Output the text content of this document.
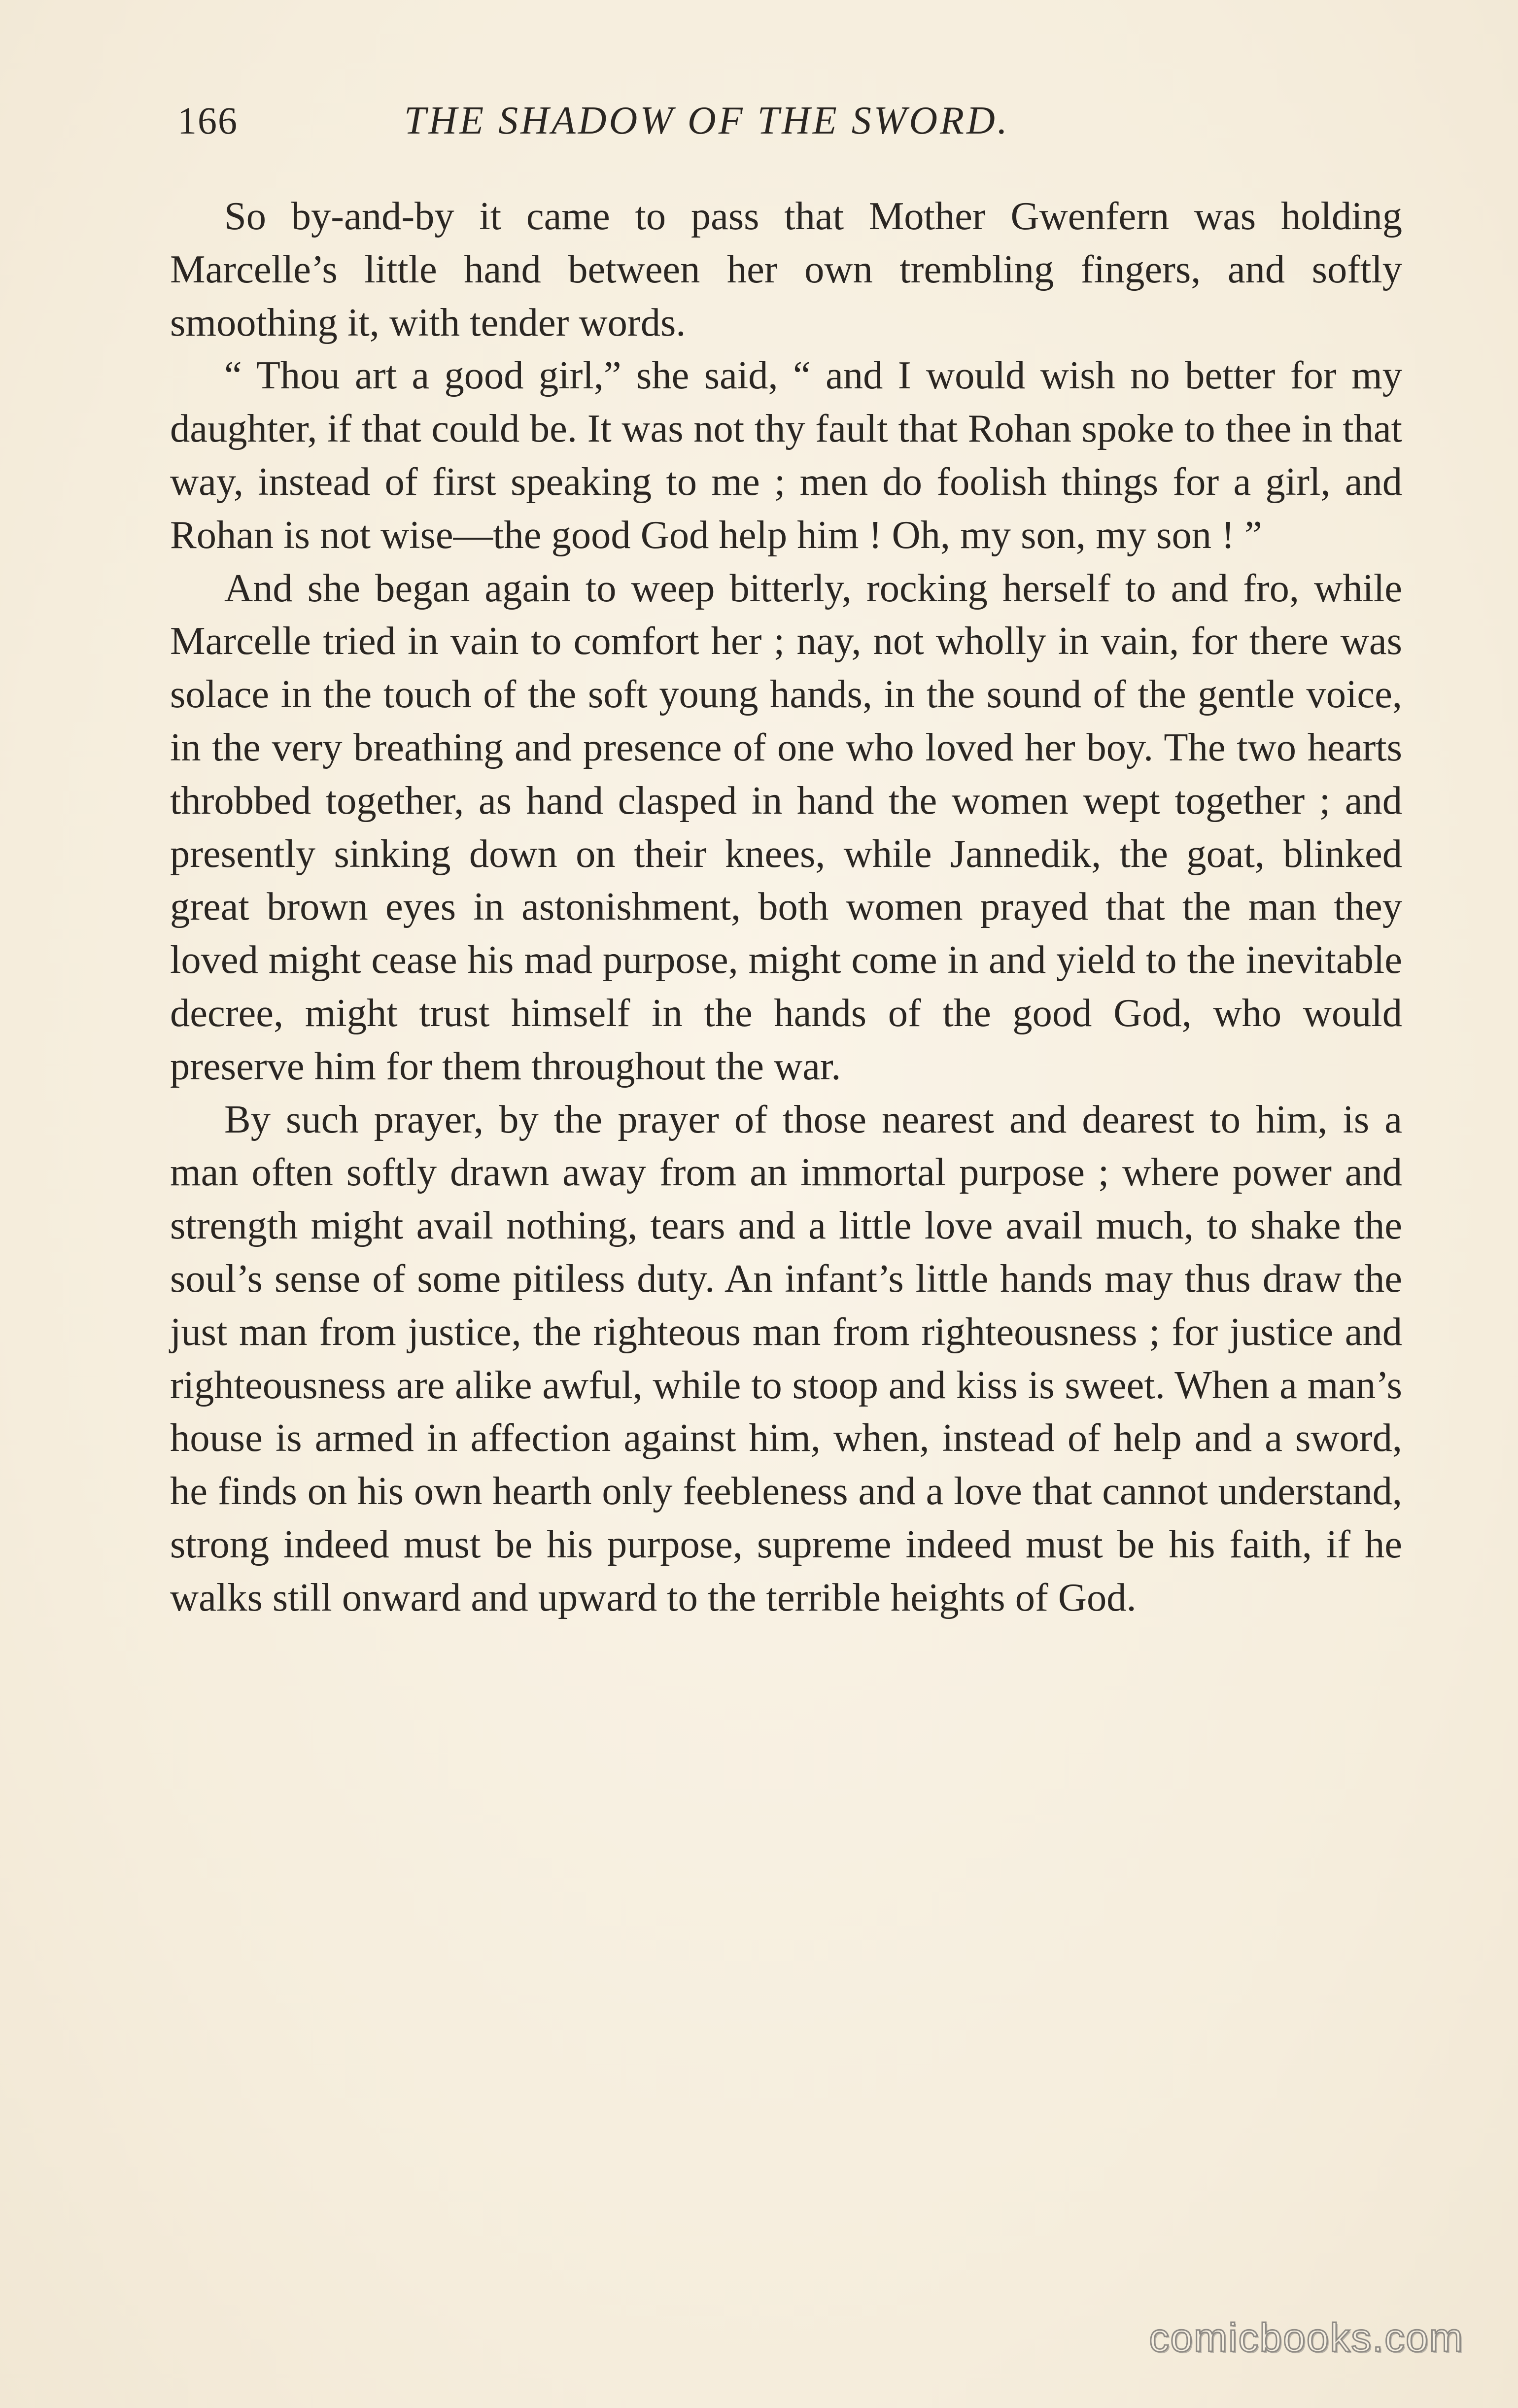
166	THE SHADOW OF THE SWORD.

So by-and-by it came to pass that Mother Gwenfern was holding Marcelle’s little hand between her own trembling fingers, and softly smoothing it, with tender words.

“ Thou art a good girl,” she said, “ and I would wish no better for my daughter, if that could be. It was not thy fault that Rohan spoke to thee in that way, instead of first speaking to me ; men do foolish things for a girl, and Rohan is not wise—the good God help him ! Oh, my son, my son ! ”

And she began again to weep bitterly, rocking herself to and fro, while Marcelle tried in vain to comfort her ; nay, not wholly in vain, for there was solace in the touch of the soft young hands, in the sound of the gentle voice, in the very breathing and presence of one who loved her boy. The two hearts throbbed together, as hand clasped in hand the women wept together ; and presently sinking down on their knees, while Jannedik, the goat, blinked great brown eyes in astonishment, both women prayed that the man they loved might cease his mad purpose, might come in and yield to the inevitable decree, might trust himself in the hands of the good God, who would preserve him for them throughout the war.

By such prayer, by the prayer of those nearest and dearest to him, is a man often softly drawn away from an immortal purpose ; where power and strength might avail nothing, tears and a little love avail much, to shake the soul’s sense of some pitiless duty. An infant’s little hands may thus draw the just man from justice, the righteous man from righteousness ; for justice and righteousness are alike awful, while to stoop and kiss is sweet. When a man’s house is armed in affection against him, when, instead of help and a sword, he finds on his own hearth only feebleness and a love that cannot understand, strong indeed must be his purpose, supreme indeed must be his faith, if he walks still onward and upward to the terrible heights of God.

comicbooks.com
